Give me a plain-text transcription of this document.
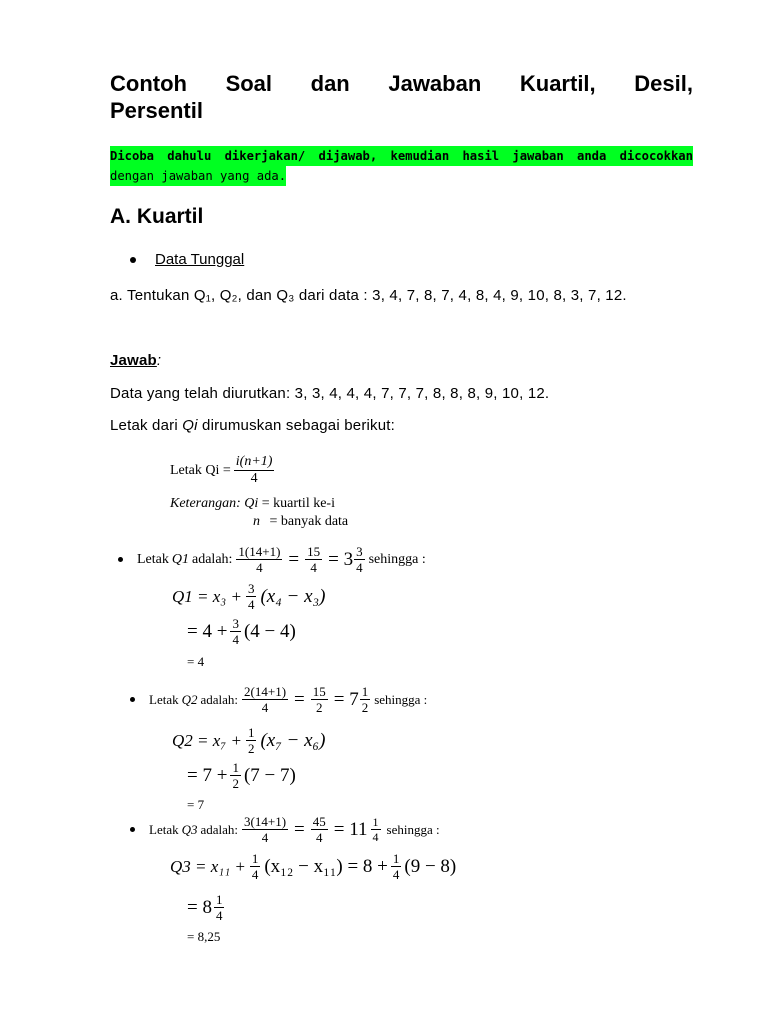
Contoh Soal dan Jawaban Kuartil, Desil,
Persentil
Dicoba dahulu dikerjakan/ dijawab, kemudian hasil jawaban anda dicocokkan
dengan jawaban yang ada.
A. Kuartil
Data Tunggal
a. Tentukan Q₁, Q₂, dan Q₃ dari data : 3, 4, 7, 8, 7, 4, 8, 4, 9, 10, 8, 3, 7, 12.
Jawab:
Data yang telah diurutkan: 3, 3, 4, 4, 4, 7, 7, 7, 8, 8, 8, 9, 10, 12.
Letak dari Qi dirumuskan sebagai berikut:
Letak $Qi = \frac{i(n+1)}{4}$
Keterangan: Qi = kuartil ke-i
n = banyak data
Letak Q1 adalah: $\frac{1(14+1)}{4} = \frac{15}{4} = 3 \frac{3}{4}$ sehingga :
$Q1 = x_3 + \frac{3}{4} (x_4 - x_3)$
= $4 + \frac{3}{4} (4 - 4)$
= 4
Letak Q2 adalah: $\frac{2(14+1)}{4} = \frac{15}{2} = 7 \frac{1}{2}$ sehingga :
$Q2 = x_7 + \frac{1}{2} (x_7 - x_6)$
= $7 + \frac{1}{2} (7 - 7)$
= 7
Letak Q3 adalah: $\frac{3(14+1)}{4} = \frac{45}{4} = 11 \frac{1}{4}$ sehingga :
$Q3 = x_{11} + \frac{1}{4} (x_{12} - x_{11}) = 8 + \frac{1}{4} (9 - 8)$
= $8 \frac{1}{4}$
= 8,25
